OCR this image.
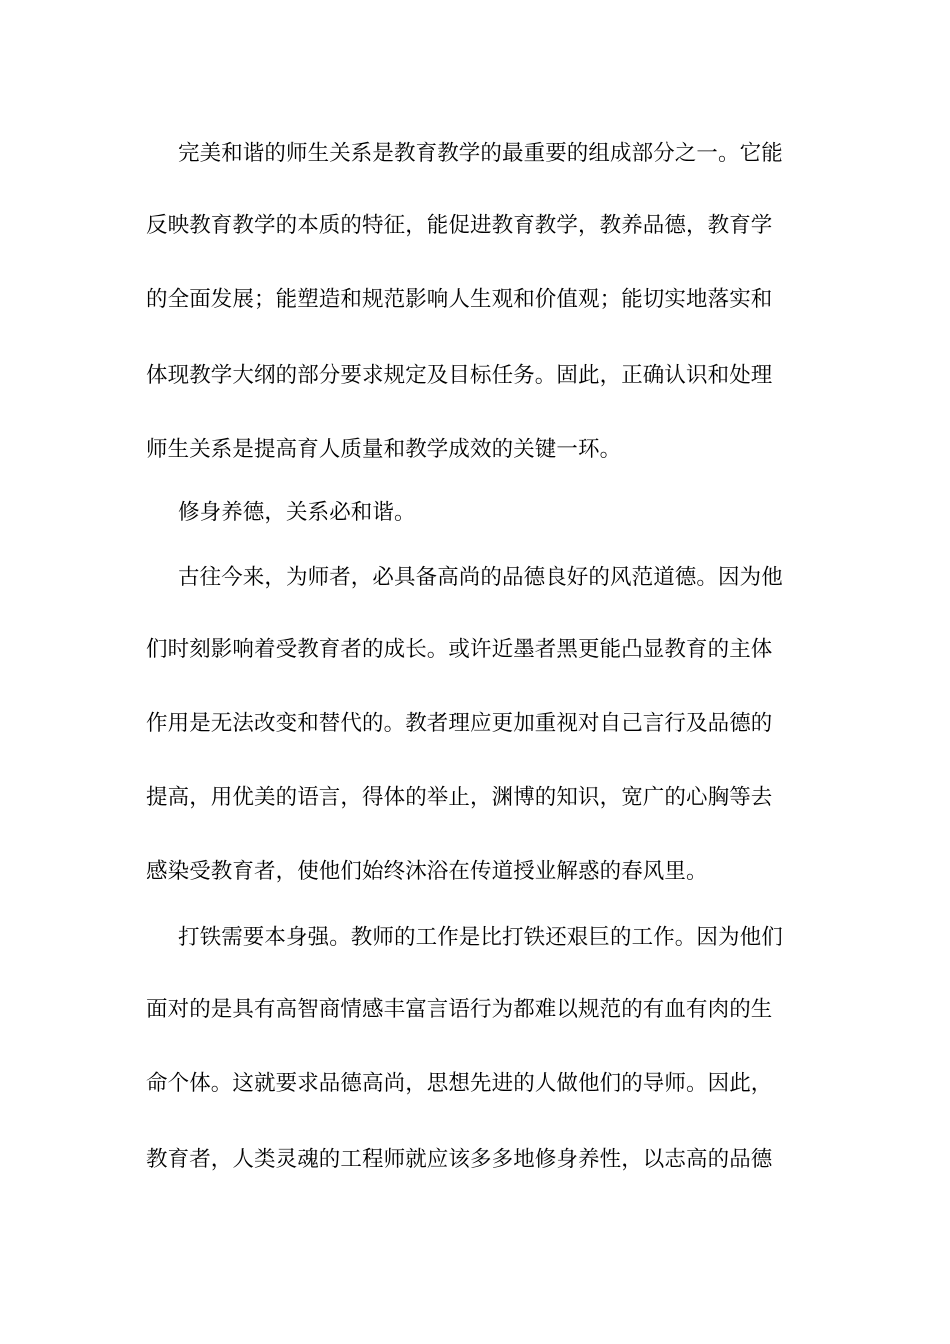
完美和谐的师生关系是教育教学的最重要的组成部分之一。它能
反映教育教学的本质的特征，能促进教育教学，教养品德，教育学
的全面发展；能塑造和规范影响人生观和价值观；能切实地落实和
体现教学大纲的部分要求规定及目标任务。固此，正确认识和处理
师生关系是提高育人质量和教学成效的关键一环。
修身养德，关系必和谐。
古往今来，为师者，必具备高尚的品德良好的风范道德。因为他
们时刻影响着受教育者的成长。或许近墨者黑更能凸显教育的主体
作用是无法改变和替代的。教者理应更加重视对自己言行及品德的
提高，用优美的语言，得体的举止，渊博的知识，宽广的心胸等去
感染受教育者，使他们始终沐浴在传道授业解惑的春风里。
打铁需要本身强。教师的工作是比打铁还艰巨的工作。因为他们
面对的是具有高智商情感丰富言语行为都难以规范的有血有肉的生
命个体。这就要求品德高尚，思想先进的人做他们的导师。因此，
教育者，人类灵魂的工程师就应该多多地修身养性，以志高的品德
